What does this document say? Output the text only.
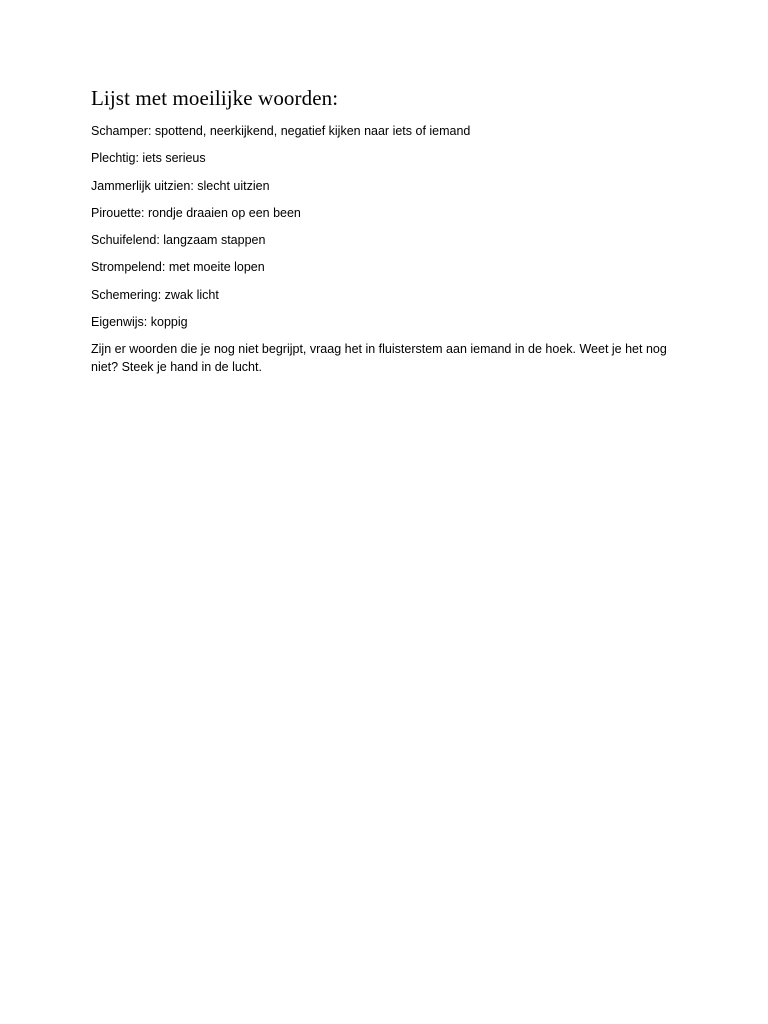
Lijst met moeilijke woorden:

Schamper: spottend, neerkijkend, negatief kijken naar iets of iemand

Plechtig: iets serieus

Jammerlijk uitzien: slecht uitzien

Pirouette: rondje draaien op een been

Schuifelend: langzaam stappen

Strompelend: met moeite lopen

Schemering: zwak licht

Eigenwijs: koppig

Zijn er woorden die je nog niet begrijpt, vraag het in fluisterstem aan iemand in de hoek. Weet je het nog niet? Steek je hand in de lucht.
